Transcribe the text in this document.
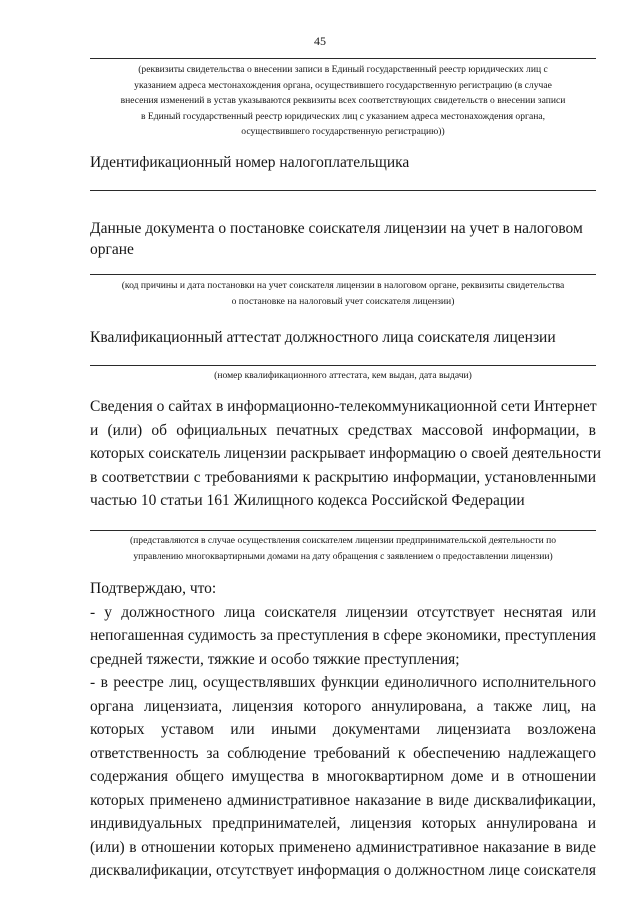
45
(реквизиты свидетельства о внесении записи в Единый государственный реестр юридических лиц с
указанием адреса местонахождения органа, осуществившего государственную регистрацию (в случае
внесения изменений в устав указываются реквизиты всех соответствующих свидетельств о внесении записи
в Единый государственный реестр юридических лиц с указанием адреса местонахождения органа,
осуществившего государственную регистрацию))
Идентификационный номер налогоплательщика
Данные документа о постановке соискателя лицензии на учет в налоговом
органе
(код причины и дата постановки на учет соискателя лицензии в налоговом органе, реквизиты свидетельства
о постановке на налоговый учет соискателя лицензии)
Квалификационный аттестат должностного лица соискателя лицензии
(номер квалификационного аттестата, кем выдан, дата выдачи)
Сведения о сайтах в информационно-телекоммуникационной сети Интернет
и (или) об официальных печатных средствах массовой информации, в
которых соискатель лицензии раскрывает информацию о своей деятельности
в соответствии с требованиями к раскрытию информации, установленными
частью 10 статьи 161 Жилищного кодекса Российской Федерации
(представляются в случае осуществления соискателем лицензии предпринимательской деятельности по
управлению многоквартирными домами на дату обращения с заявлением о предоставлении лицензии)
Подтверждаю, что:
- у должностного лица соискателя лицензии отсутствует неснятая или
непогашенная судимость за преступления в сфере экономики, преступления
средней тяжести, тяжкие и особо тяжкие преступления;
- в реестре лиц, осуществлявших функции единоличного исполнительного
органа лицензиата, лицензия которого аннулирована, а также лиц, на
которых уставом или иными документами лицензиата возложена
ответственность за соблюдение требований к обеспечению надлежащего
содержания общего имущества в многоквартирном доме и в отношении
которых применено административное наказание в виде дисквалификации,
индивидуальных предпринимателей, лицензия которых аннулирована и
(или) в отношении которых применено административное наказание в виде
дисквалификации, отсутствует информация о должностном лице соискателя
